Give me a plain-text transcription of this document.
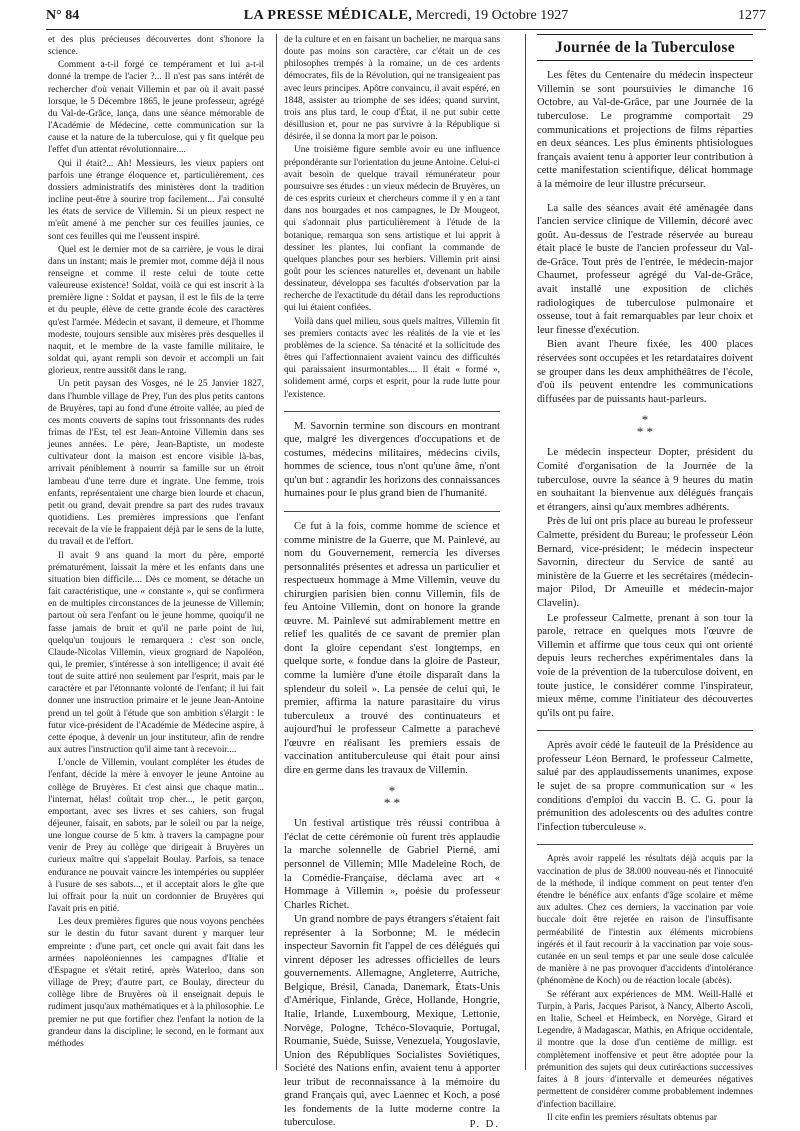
N° 84	LA PRESSE MÉDICALE, Mercredi, 19 Octobre 1927	1277

et des plus précieuses découvertes dont s'honore la science.

Comment a-t-il forgé ce tempérament et lui a-t-il donné la trempe de l'acier ?... Il n'est pas sans intérêt de rechercher d'où venait Villemin et par où il avait passé lorsque, le 5 Décembre 1865, le jeune professeur, agrégé du Val-de-Grâce, lança, dans une séance mémorable de l'Académie de Médecine, cette communication sur la cause et la nature de la tuberculose, qui y fit quelque peu l'effet d'un attentat révolutionnaire....

Qui il était?... Ah! Messieurs, les vieux papiers ont parfois une étrange éloquence et, particulièrement, ces dossiers administratifs des ministères dont la tradition incline peut-être à sourire trop facilement... J'ai consulté les états de service de Villemin. Si un pieux respect ne m'eût amené à me pencher sur ces feuilles jaunies, ce sont ces feuilles qui me l'eussent inspiré.

Quel est le dernier mot de sa carrière, je vous le dirai dans un instant; mais le premier mot, comme déjà il nous renseigne et comme il reste celui de toute cette valeureuse existence! Soldat, voilà ce qui est inscrit à la première ligne : Soldat et paysan, il est le fils de la terre et du peuple, élève de cette grande école des caractères qu'est l'armée. Médecin et savant, il demeure, et l'homme modeste, toujours sensible aux misères près desquelles il naquit, et le membre de la vaste famille militaire, le soldat qui, ayant rempli son devoir et accompli un fait glorieux, rentre aussitôt dans le rang.

Un petit paysan des Vosges, né le 25 Janvier 1827, dans l'humble village de Prey, l'un des plus petits cantons de Bruyères, tapi au fond d'une étroite vallée, au pied de ces monts couverts de sapins tout frissonnants des rudes frimas de l'Est, tel est Jean-Antoine Villemin dans ses jeunes années. Le père, Jean-Baptiste, un modeste cultivateur dont la maison est encore visible là-bas, arrivait péniblement à nourrir sa famille sur un étroit lambeau d'une terre dure et ingrate. Une femme, trois enfants, représentaient une charge bien lourde et chacun, petit ou grand, devait prendre sa part des rudes travaux quotidiens. Les premières impressions que l'enfant recevait de la vie le frappaient déjà par le sens de la lutte, du travail et de l'effort.

Il avait 9 ans quand la mort du père, emporté prématurément, laissait la mère et les enfants dans une situation bien difficile.... Dès ce moment, se détache un fait caractéristique, une « constante », qui se confirmera en de multiples circonstances de la jeunesse de Villemin; partout où sera l'enfant ou le jeune homme, quoiqu'il ne fasse jamais de bruit et qu'il ne parle point de lui, quelqu'un toujours le remarquera : c'est son oncle, Claude-Nicolas Villemin, vieux grognard de Napoléon, qui, le premier, s'intéresse à son intelligence; il avait été tout de suite attiré non seulement par l'esprit, mais par le caractère et par l'étonnante volonté de l'enfant; il lui fait donner une instruction primaire et le jeune Jean-Antoine prend un tel goût à l'étude que son ambition s'élargit : le futur vice-président de l'Académie de Médecine aspire, à cette époque, à devenir un jour instituteur, afin de rendre aux autres l'instruction qu'il aime tant à recevoir....

L'oncle de Villemin, voulant compléter les études de l'enfant, décide la mère à envoyer le jeune Antoine au collège de Bruyères. Et c'est ainsi que chaque matin... l'internat, hélas! coûtait trop cher..., le petit garçon, emportant, avec ses livres et ses cahiers, son frugal déjeuner, faisait, en sabots, par le soleil ou par la neige, une longue course de 5 km. à travers la campagne pour venir de Prey au collège que dirigeait à Bruyères un curieux maître qui s'appelait Boulay. Parfois, sa tenace endurance ne pouvait vaincre les intempéries ou suppléer à l'usure de ses sabots..., et il acceptait alors le gîte que lui offrait pour la nuit un cordonnier de Bruyères qui l'avait pris en pitié.

Les deux premières figures que nous voyons penchées sur le destin du futur savant durent y marquer leur empreinte : d'une part, cet oncle qui avait fait dans les armées napoléoniennes les campagnes d'Italie et d'Espagne et s'était retiré, après Waterloo, dans son village de Prey; d'autre part, ce Boulay, directeur du collège libre de Bruyères où il enseignait depuis le rudiment jusqu'aux mathématiques et à la philosophie. Le premier ne put que fortifier chez l'enfant la notion de la grandeur dans la discipline; le second, en le formant aux méthodes

de la culture et en en faisant un bachelier, ne marqua sans doute pas moins son caractère, car c'était un de ces philosophes trempés à la romaine, un de ces ardents démocrates, fils de la Révolution, qui ne transigeaient pas avec leurs principes. Apôtre convaincu, il avait espéré, en 1848, assister au triomphe de ses idées; quand survint, trois ans plus tard, le coup d'État, il ne put subir cette désillusion et, pour ne pas survivre à la République si désirée, il se donna la mort par le poison.

Une troisième figure semble avoir eu une influence prépondérante sur l'orientation du jeune Antoine. Celui-ci avait besoin de quelque travail rémunérateur pour poursuivre ses études : un vieux médecin de Bruyères, un de ces esprits curieux et chercheurs comme il y en a tant dans nos bourgades et nos campagnes, le Dr Mougeot, qui s'adonnait plus particulièrement à l'étude de la botanique, remarqua son sens artistique et lui apprit à dessiner les plantes, lui confiant la commande de quelques planches pour ses herbiers. Villemin prit ainsi goût pour les sciences naturelles et, devenant un habile dessinateur, développa ses facultés d'observation par la recherche de l'exactitude du détail dans les reproductions qui lui étaient confiées.

Voilà dans quel milieu, sous quels maîtres, Villemin fit ses premiers contacts avec les réalités de la vie et les problèmes de la science. Sa ténacité et la sollicitude des êtres qui l'affectionnaient avaient vaincu des difficultés qui paraissaient insurmontables.... Il était « formé », solidement armé, corps et esprit, pour la rude lutte pour l'existence.

M. Savornin termine son discours en montrant que, malgré les divergences d'occupations et de costumes, médecins militaires, médecins civils, hommes de science, tous n'ont qu'une âme, n'ont qu'un but : agrandir les horizons des connaissances humaines pour le plus grand bien de l'humanité.

Ce fut à la fois, comme homme de science et comme ministre de la Guerre, que M. Painlevé, au nom du Gouvernement, remercia les diverses personnalités présentes et adressa un particulier et respectueux hommage à Mme Villemin, veuve du chirurgien parisien bien connu Villemin, fils de feu Antoine Villemin, dont on honore la grande œuvre. M. Painlevé sut admirablement mettre en relief les qualités de ce savant de premier plan dont la gloire cependant s'est longtemps, en quelque sorte, « fondue dans la gloire de Pasteur, comme la lumière d'une étoile disparaît dans la splendeur du soleil ». La pensée de celui qui, le premier, affirma la nature parasitaire du virus tuberculeux a trouvé des continuateurs et aujourd'hui le professeur Calmette a parachevé l'œuvre en réalisant les premiers essais de vaccination antituberculeuse qui était pour ainsi dire en germe dans les travaux de Villemin.

*
* *

Un festival artistique très réussi contribua à l'éclat de cette cérémonie où furent très applaudie la marche solennelle de Gabriel Pierné, ami personnel de Villemin; Mlle Madeleine Roch, de la Comédie-Française, déclama avec art « Hommage à Villemin », poésie du professeur Charles Richet.

Un grand nombre de pays étrangers s'étaient fait représenter à la Sorbonne; M. le médecin inspecteur Savornin fit l'appel de ces délégués qui vinrent déposer les adresses officielles de leurs gouvernements. Allemagne, Angleterre, Autriche, Belgique, Brésil, Canada, Danemark, États-Unis d'Amérique, Finlande, Grèce, Hollande, Hongrie, Italie, Irlande, Luxembourg, Mexique, Lettonie, Norvège, Pologne, Tchéco-Slovaquie, Portugal, Roumanie, Suède, Suisse, Venezuela, Yougoslavie, Union des Républiques Socialistes Soviétiques, Société des Nations enfin, avaient tenu à apporter leur tribut de reconnaissance à la mémoire du grand Français qui, avec Laennec et Koch, a posé les fondements de la lutte moderne contre la tuberculose.	P. D.
Journée de la Tuberculose

Les fêtes du Centenaire du médecin inspecteur Villemin se sont poursuivies le dimanche 16 Octobre, au Val-de-Grâce, par une Journée de la tuberculose. Le programme comportait 29 communications et projections de films réparties en deux séances. Les plus éminents phtisiologues français avaient tenu à apporter leur contribution à cette manifestation scientifique, délicat hommage à la mémoire de leur illustre précurseur.

La salle des séances avait été aménagée dans l'ancien service clinique de Villemin, décoré avec goût. Au-dessus de l'estrade réservée au bureau était placé le buste de l'ancien professeur du Val-de-Grâce. Tout près de l'entrée, le médecin-major Chaumet, professeur agrégé du Val-de-Grâce, avait installé une exposition de clichés radiologiques de tuberculose pulmonaire et osseuse, tout à fait remarquables par leur choix et leur finesse d'exécution.

Bien avant l'heure fixée, les 400 places réservées sont occupées et les retardataires doivent se grouper dans les deux amphithéâtres de l'école, d'où ils peuvent entendre les communications diffusées par de puissants haut-parleurs.

*
* *

Le médecin inspecteur Dopter, président du Comité d'organisation de la Journée de la tuberculose, ouvre la séance à 9 heures du matin en souhaitant la bienvenue aux délégués français et étrangers, ainsi qu'aux membres adhérents.

Près de lui ont pris place au bureau le professeur Calmette, président du Bureau; le professeur Léon Bernard, vice-président; le médecin inspecteur Savornin, directeur du Service de santé au ministère de la Guerre et les secrétaires (médecin-major Pilod, Dr Ameuille et médecin-major Clavelin).

Le professeur Calmette, prenant à son tour la parole, retrace en quelques mots l'œuvre de Villemin et affirme que tous ceux qui ont orienté depuis leurs recherches expérimentales dans la voie de la prévention de la tuberculose doivent, en toute justice, le considérer comme l'inspirateur, mieux même, comme l'initiateur des découvertes qu'ils ont pu faire.

Après avoir cédé le fauteuil de la Présidence au professeur Léon Bernard, le professeur Calmette, salué par des applaudissements unanimes, expose le sujet de sa propre communication sur « les conditions d'emploi du vaccin B. C. G. pour la prémunition des adolescents ou des adultes contre l'infection tuberculeuse ».

Après avoir rappelé les résultats déjà acquis par la vaccination de plus de 38.000 nouveau-nés et l'innocuité de la méthode, il indique comment on peut tenter d'en étendre le bénéfice aux enfants d'âge scolaire et même aux adultes. Chez ces derniers, la vaccination par voie buccale doit être rejetée en raison de l'insuffisante perméabilité de l'intestin aux éléments microbiens ingérés et il faut recourir à la vaccination par voie sous-cutanée en un seul temps et par une seule dose calculée de manière à ne pas provoquer d'accidents d'intolérance (phénomène de Koch) ou de réaction locale (abcès).

Se référant aux expériences de MM. Weill-Hallé et Turpin, à Paris, Jacques Parisot, à Nancy, Alberto Ascoli, en Italie, Scheel et Heimbeck, en Norvège, Girard et Legendre, à Madagascar, Mathis, en Afrique occidentale, il montre que la dose d'un centième de milligr. est complètement inoffensive et peut être adoptée pour la prémunition des sujets qui deux cutiréactions successives faites à 8 jours d'intervalle et demeurées négatives permettent de considérer comme probablement indemnes d'infection bacillaire.

Il cite enfin les premiers résultats obtenus par
